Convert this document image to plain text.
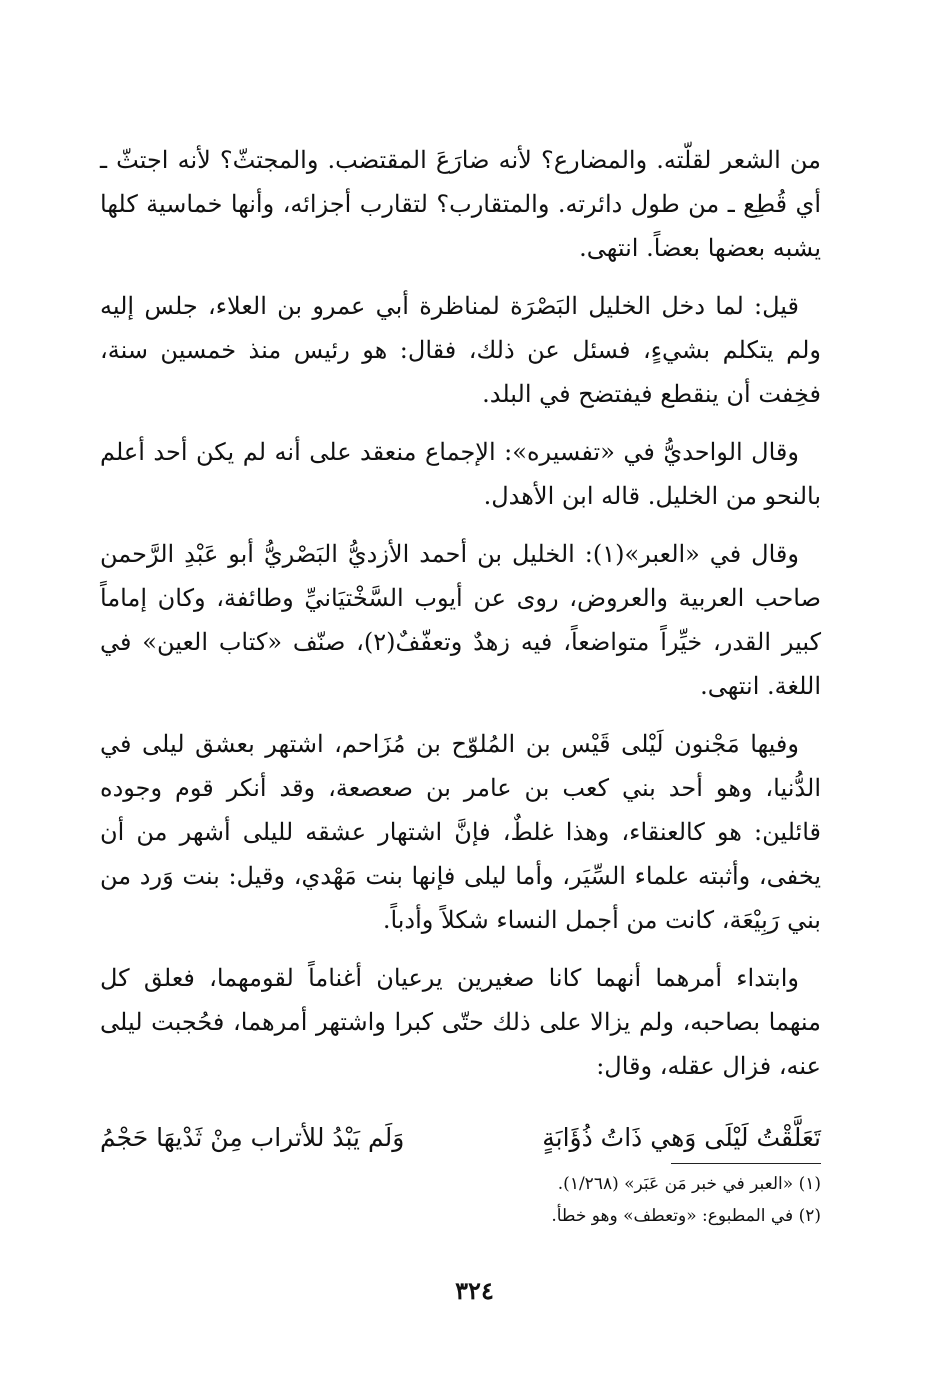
من الشعر لقلّته. والمضارع؟ لأنه ضارَعَ المقتضب. والمجتثّ؟ لأنه اجتثّ ـ أي قُطِع ـ من طول دائرته. والمتقارب؟ لتقارب أجزائه، وأنها خماسية كلها يشبه بعضها بعضاً. انتهى.

قيل: لما دخل الخليل البَصْرَة لمناظرة أبي عمرو بن العلاء، جلس إليه ولم يتكلم بشيءٍ، فسئل عن ذلك، فقال: هو رئيس منذ خمسين سنة، فخِفت أن ينقطع فيفتضح في البلد.

وقال الواحديُّ في «تفسيره»: الإجماع منعقد على أنه لم يكن أحد أعلم بالنحو من الخليل. قاله ابن الأهدل.

وقال في «العبر»(١): الخليل بن أحمد الأزديُّ البَصْريُّ أبو عَبْدِ الرَّحمن صاحب العربية والعروض، روى عن أيوب السَّخْتيَانيِّ وطائفة، وكان إماماً كبير القدر، خيِّراً متواضعاً، فيه زهدٌ وتعفّفٌ(٢)، صنّف «كتاب العين» في اللغة. انتهى.

وفيها مَجْنون لَيْلى قَيْس بن المُلوّح بن مُزَاحم، اشتهر بعشق ليلى في الدُّنيا، وهو أحد بني كعب بن عامر بن صعصعة، وقد أنكر قوم وجوده قائلين: هو كالعنقاء، وهذا غلطٌ، فإنَّ اشتهار عشقه لليلى أشهر من أن يخفى، وأثبته علماء السِّيَر، وأما ليلى فإنها بنت مَهْدي، وقيل: بنت وَرد من بني رَبِيْعَة، كانت من أجمل النساء شكلاً وأدباً.

وابتداء أمرهما أنهما كانا صغيرين يرعيان أغناماً لقومهما، فعلق كل منهما بصاحبه، ولم يزالا على ذلك حتّى كبرا واشتهر أمرهما، فحُجبت ليلى عنه، فزال عقله، وقال:

تَعَلَّقْتُ لَيْلَى وَهي ذَاتُ ذُؤَابَةٍ
وَلَم يَبْدُ للأتراب مِنْ ثَدْيهَا حَجْمُ

(١) «العبر في خبر مَن عَبَر» (١/٢٦٨).

(٢) في المطبوع: «وتعطف» وهو خطأ.

٣٢٤
